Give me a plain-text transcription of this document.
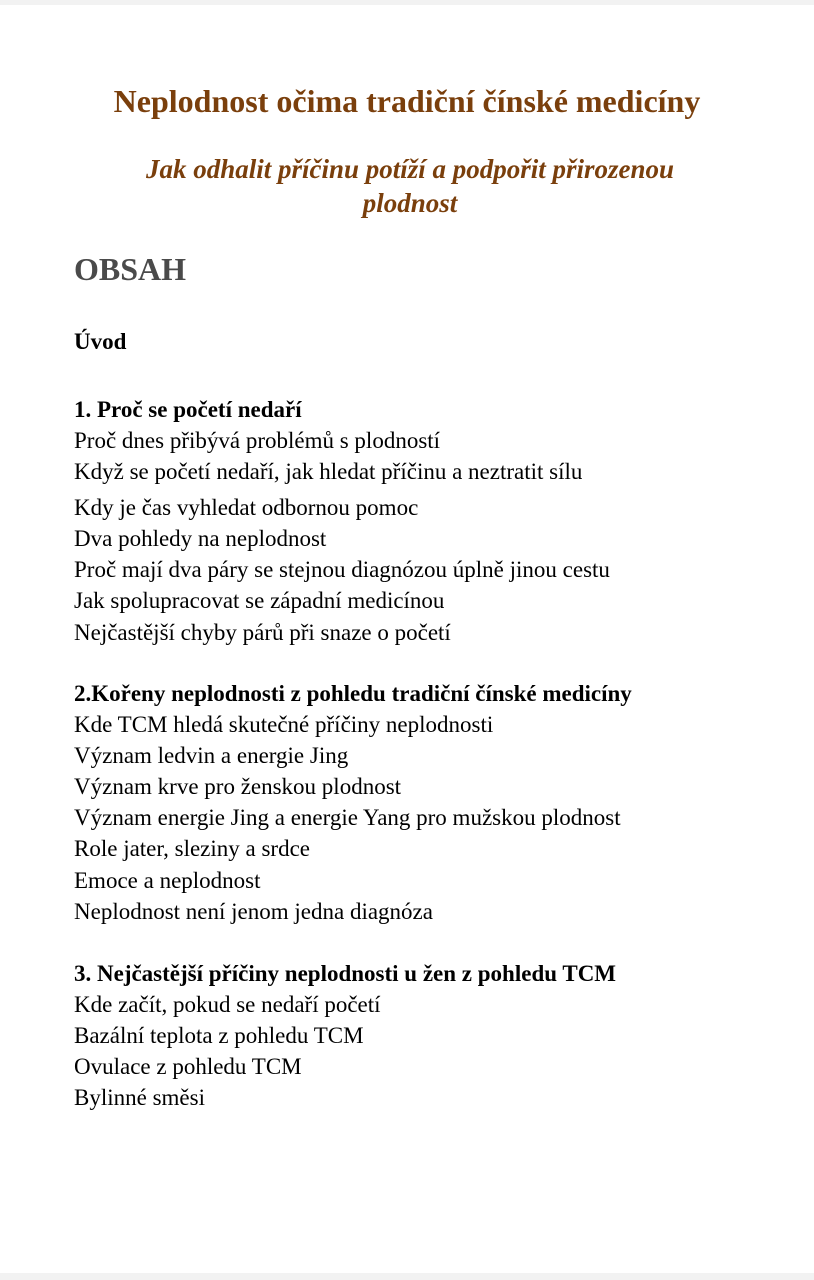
Neplodnost očima tradiční čínské medicíny
Jak odhalit příčinu potíží a podpořit přirozenou plodnost
OBSAH
Úvod
1. Proč se početí nedaří
Proč dnes přibývá problémů s plodností
Když se početí nedaří, jak hledat příčinu a neztratit sílu
Kdy je čas vyhledat odbornou pomoc
Dva pohledy na neplodnost
Proč mají dva páry se stejnou diagnózou úplně jinou cestu
Jak spolupracovat se západní medicínou
Nejčastější chyby párů při snaze o početí
2.Kořeny neplodnosti z pohledu tradiční čínské medicíny
Kde TCM hledá skutečné příčiny neplodnosti
Význam ledvin a energie Jing
Význam krve pro ženskou plodnost
Význam energie Jing a energie Yang pro mužskou plodnost
Role jater, sleziny a srdce
Emoce a neplodnost
Neplodnost není jenom jedna diagnóza
3. Nejčastější příčiny neplodnosti u žen z pohledu TCM
Kde začít, pokud se nedaří početí
Bazální teplota z pohledu TCM
Ovulace z pohledu TCM
Bylinné směsi
